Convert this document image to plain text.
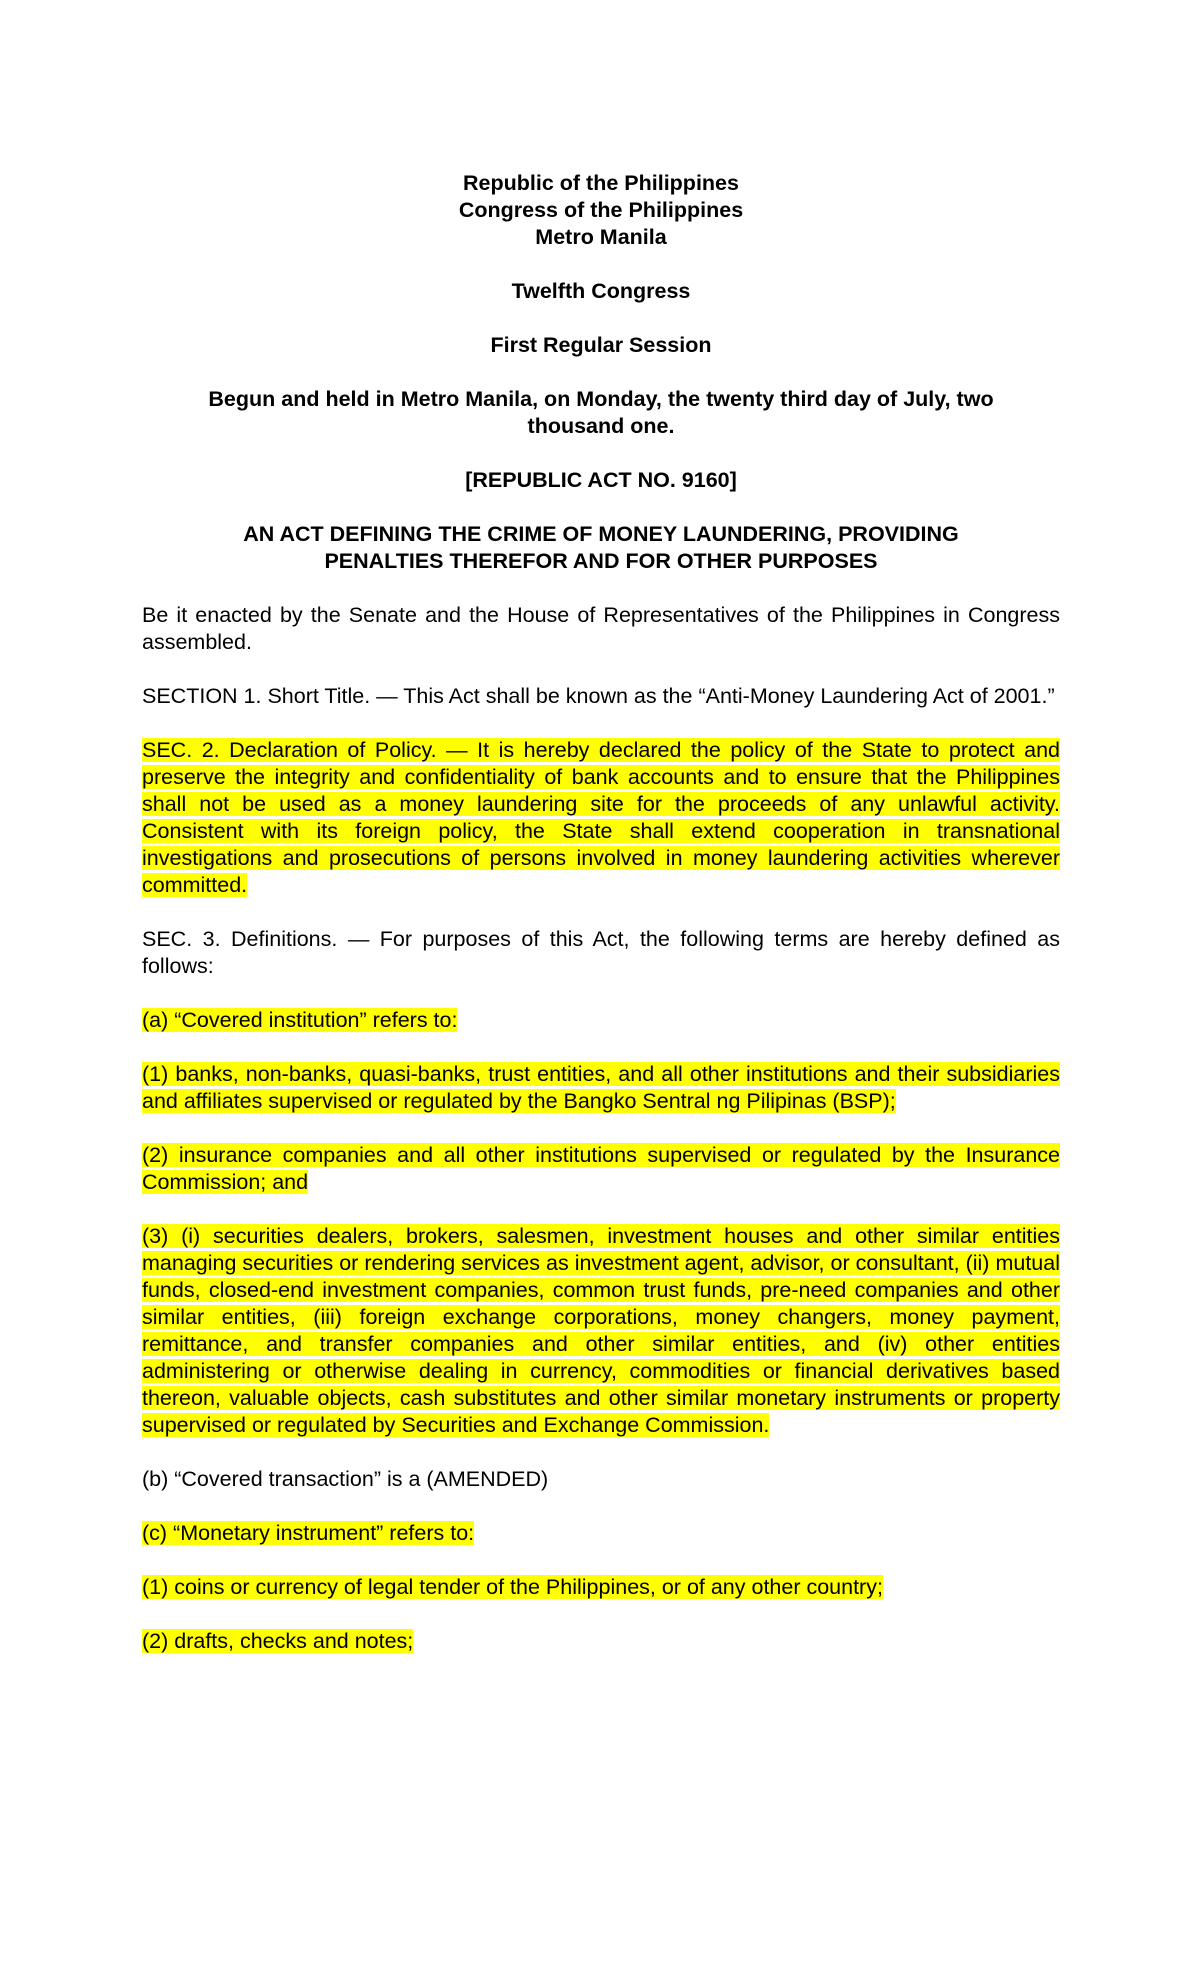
Republic of the Philippines

Congress of the Philippines

Metro Manila

Twelfth Congress

First Regular Session

Begun and held in Metro Manila, on Monday, the twenty third day of July, two thousand one.

[REPUBLIC ACT NO. 9160]

AN ACT DEFINING THE CRIME OF MONEY LAUNDERING, PROVIDING

PENALTIES THEREFOR AND FOR OTHER PURPOSES

Be it enacted by the Senate and the House of Representatives of the Philippines in Congress assembled.

SECTION 1. Short Title. — This Act shall be known as the “Anti-Money Laundering Act of 2001.”

SEC. 2. Declaration of Policy. — It is hereby declared the policy of the State to protect and preserve the integrity and confidentiality of bank accounts and to ensure that the Philippines shall not be used as a money laundering site for the proceeds of any unlawful activity. Consistent with its foreign policy, the State shall extend cooperation in transnational investigations and prosecutions of persons involved in money laundering activities wherever committed.

SEC. 3. Definitions. — For purposes of this Act, the following terms are hereby defined as follows:

(a) “Covered institution” refers to:

(1) banks, non-banks, quasi-banks, trust entities, and all other institutions and their subsidiaries and affiliates supervised or regulated by the Bangko Sentral ng Pilipinas (BSP);

(2) insurance companies and all other institutions supervised or regulated by the Insurance Commission; and

(3) (i) securities dealers, brokers, salesmen, investment houses and other similar entities managing securities or rendering services as investment agent, advisor, or consultant, (ii) mutual funds, closed-end investment companies, common trust funds, pre-need companies and other similar entities, (iii) foreign exchange corporations, money changers, money payment, remittance, and transfer companies and other similar entities, and (iv) other entities administering or otherwise dealing in currency, commodities or financial derivatives based thereon, valuable objects, cash substitutes and other similar monetary instruments or property supervised or regulated by Securities and Exchange Commission.

(b) “Covered transaction” is a (AMENDED)

(c) “Monetary instrument” refers to:

(1) coins or currency of legal tender of the Philippines, or of any other country;

(2) drafts, checks and notes;
